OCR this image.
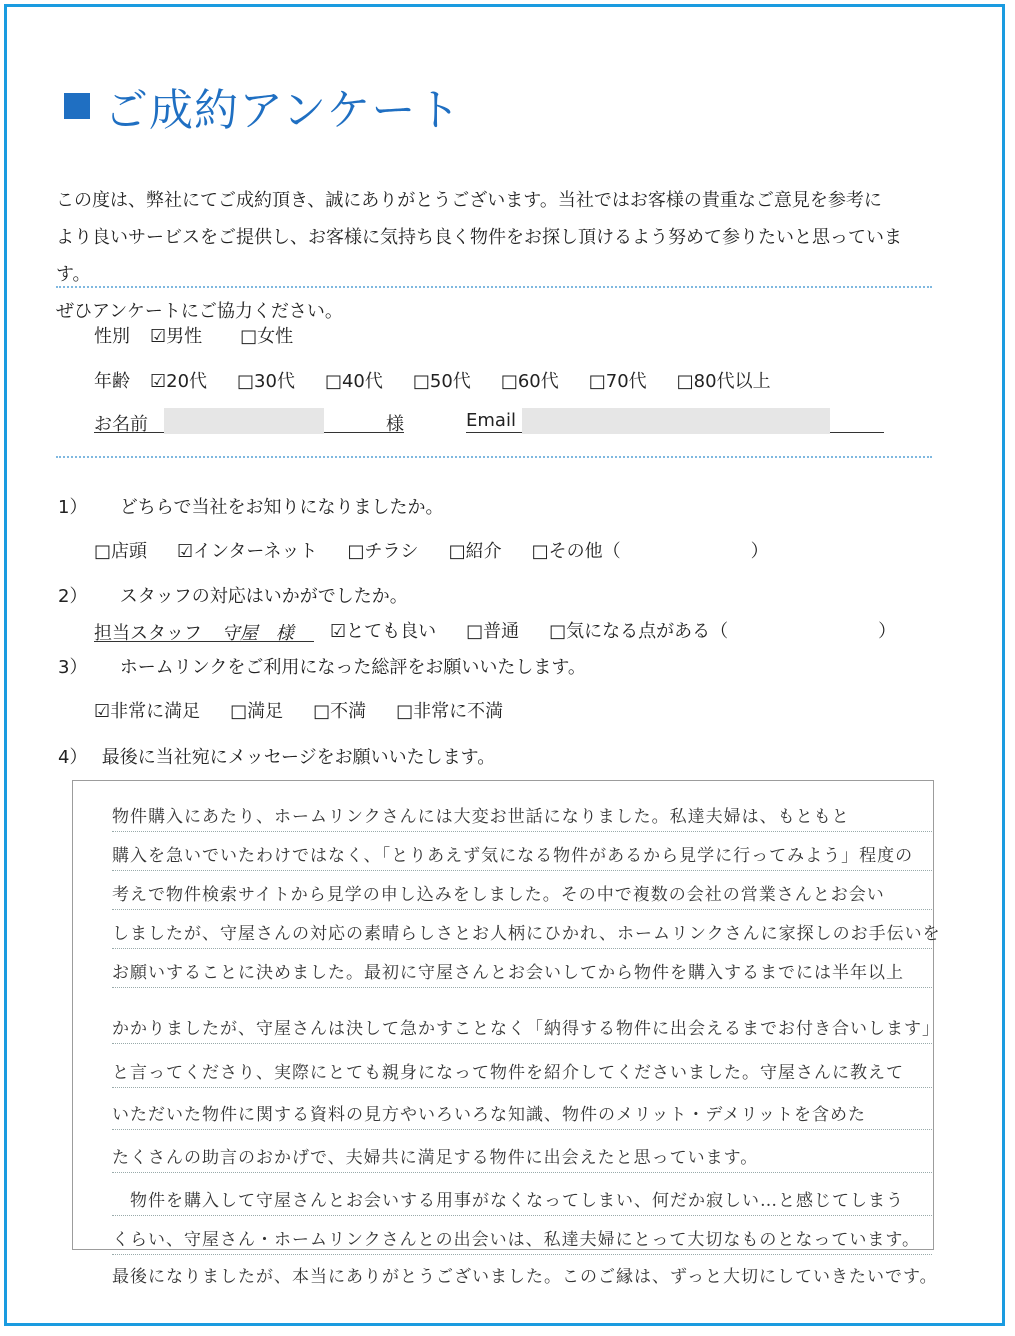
ご成約アンケート
この度は、弊社にてご成約頂き、誠にありがとうございます。当社ではお客様の貴重なご意見を参考に
より良いサービスをご提供し、お客様に気持ち良く物件をお探し頂けるよう努めて参りたいと思っています。
ぜひアンケートにご協力ください。
性別 ☑男性 □女性
年齢 ☑20代 □30代 □40代 □50代 □60代 □70代 □80代以上
お名前	様	Email
1） どちらで当社をお知りになりましたか。
□店頭 ☑インターネット □チラシ □紹介 □その他（	）
2） スタッフの対応はいかがでしたか。
担当スタッフ 守屋　様	☑とても良い □普通 □気になる点がある（	）
3） ホームリンクをご利用になった総評をお願いいたします。
☑非常に満足 □満足 □不満 □非常に不満
4） 最後に当社宛にメッセージをお願いいたします。
物件購入にあたり、ホームリンクさんには大変お世話になりました。私達夫婦は、もともと
購入を急いでいたわけではなく、「とりあえず気になる物件があるから見学に行ってみよう」程度の
考えで物件検索サイトから見学の申し込みをしました。その中で複数の会社の営業さんとお会い
しましたが、守屋さんの対応の素晴らしさとお人柄にひかれ、ホームリンクさんに家探しのお手伝いを
お願いすることに決めました。最初に守屋さんとお会いしてから物件を購入するまでには半年以上
かかりましたが、守屋さんは決して急かすことなく「納得する物件に出会えるまでお付き合いします」
と言ってくださり、実際にとても親身になって物件を紹介してくださいました。守屋さんに教えて
いただいた物件に関する資料の見方やいろいろな知識、物件のメリット・デメリットを含めた
たくさんの助言のおかげで、夫婦共に満足する物件に出会えたと思っています。
　物件を購入して守屋さんとお会いする用事がなくなってしまい、何だか寂しい…と感じてしまう
くらい、守屋さん・ホームリンクさんとの出会いは、私達夫婦にとって大切なものとなっています。
最後になりましたが、本当にありがとうございました。このご縁は、ずっと大切にしていきたいです。
